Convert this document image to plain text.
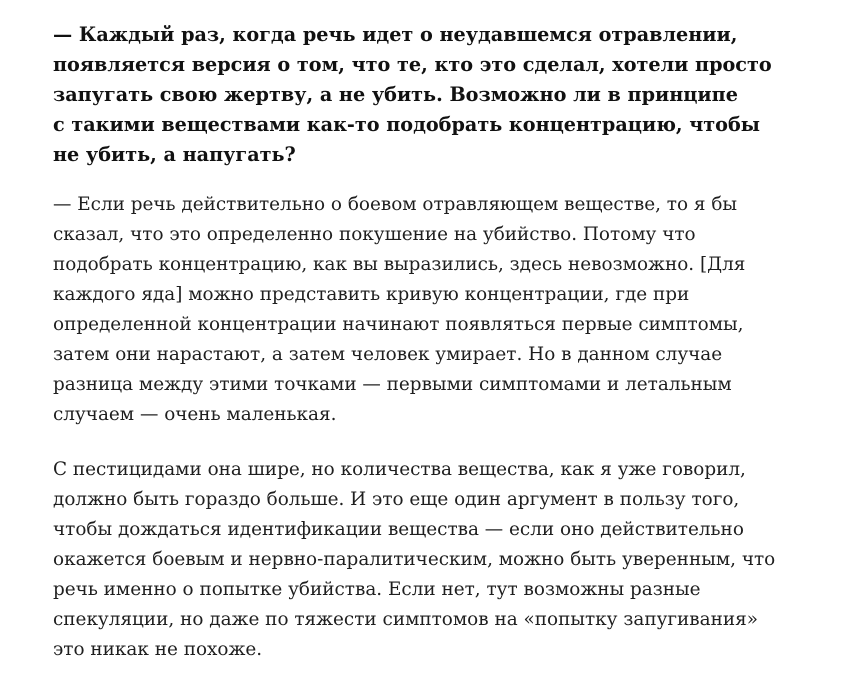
— Каждый раз, когда речь идет о неудавшемся отравлении,
появляется версия о том, что те, кто это сделал, хотели просто
запугать свою жертву, а не убить. Возможно ли в принципе
с такими веществами как-то подобрать концентрацию, чтобы
не убить, а напугать?

— Если речь действительно о боевом отравляющем веществе, то я бы
сказал, что это определенно покушение на убийство. Потому что
подобрать концентрацию, как вы выразились, здесь невозможно. [Для
каждого яда] можно представить кривую концентрации, где при
определенной концентрации начинают появляться первые симптомы,
затем они нарастают, а затем человек умирает. Но в данном случае
разница между этими точками — первыми симптомами и летальным
случаем — очень маленькая.

С пестицидами она шире, но количества вещества, как я уже говорил,
должно быть гораздо больше. И это еще один аргумент в пользу того,
чтобы дождаться идентификации вещества — если оно действительно
окажется боевым и нервно-паралитическим, можно быть уверенным, что
речь именно о попытке убийства. Если нет, тут возможны разные
спекуляции, но даже по тяжести симптомов на «попытку запугивания»
это никак не похоже.
